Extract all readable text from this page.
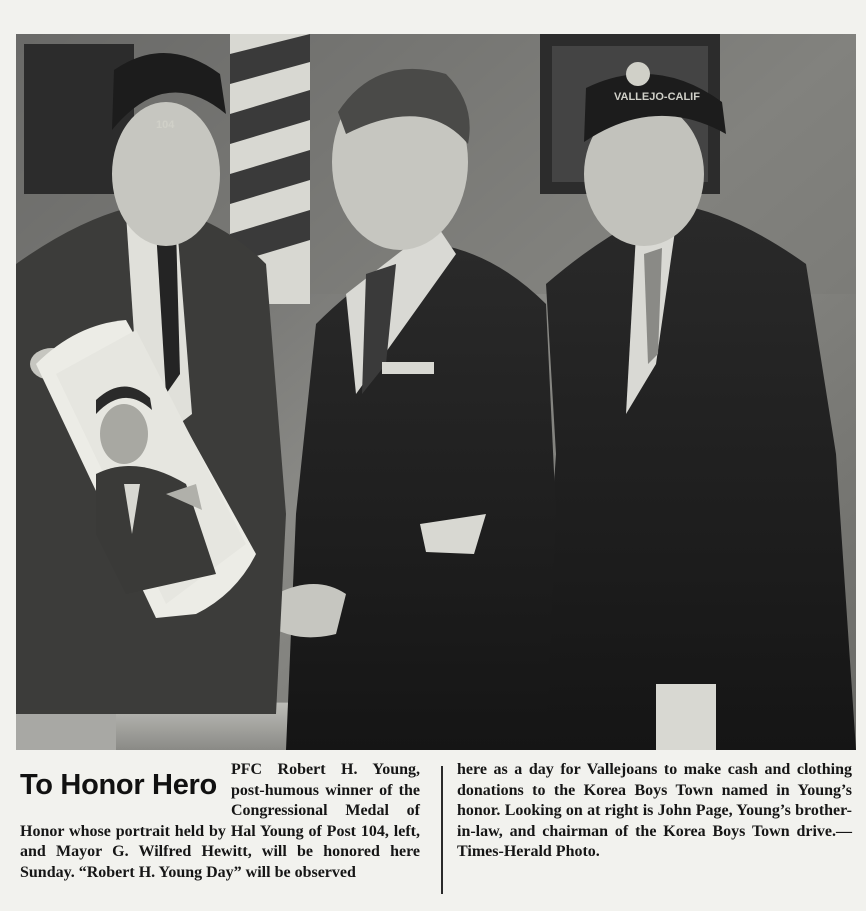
VALLEJO-CALIF
104
To Honor Hero PFC Robert H. Young, post-humous winner of the Congressional Medal of Honor whose portrait held by Hal Young of Post 104, left, and Mayor G. Wilfred Hewitt, will be honored here Sunday. “Robert H. Young Day” will be observed
here as a day for Vallejoans to make cash and clothing donations to the Korea Boys Town named in Young’s honor. Looking on at right is John Page, Young’s brother-in-law, and chairman of the Korea Boys Town drive.—Times-Herald Photo.
